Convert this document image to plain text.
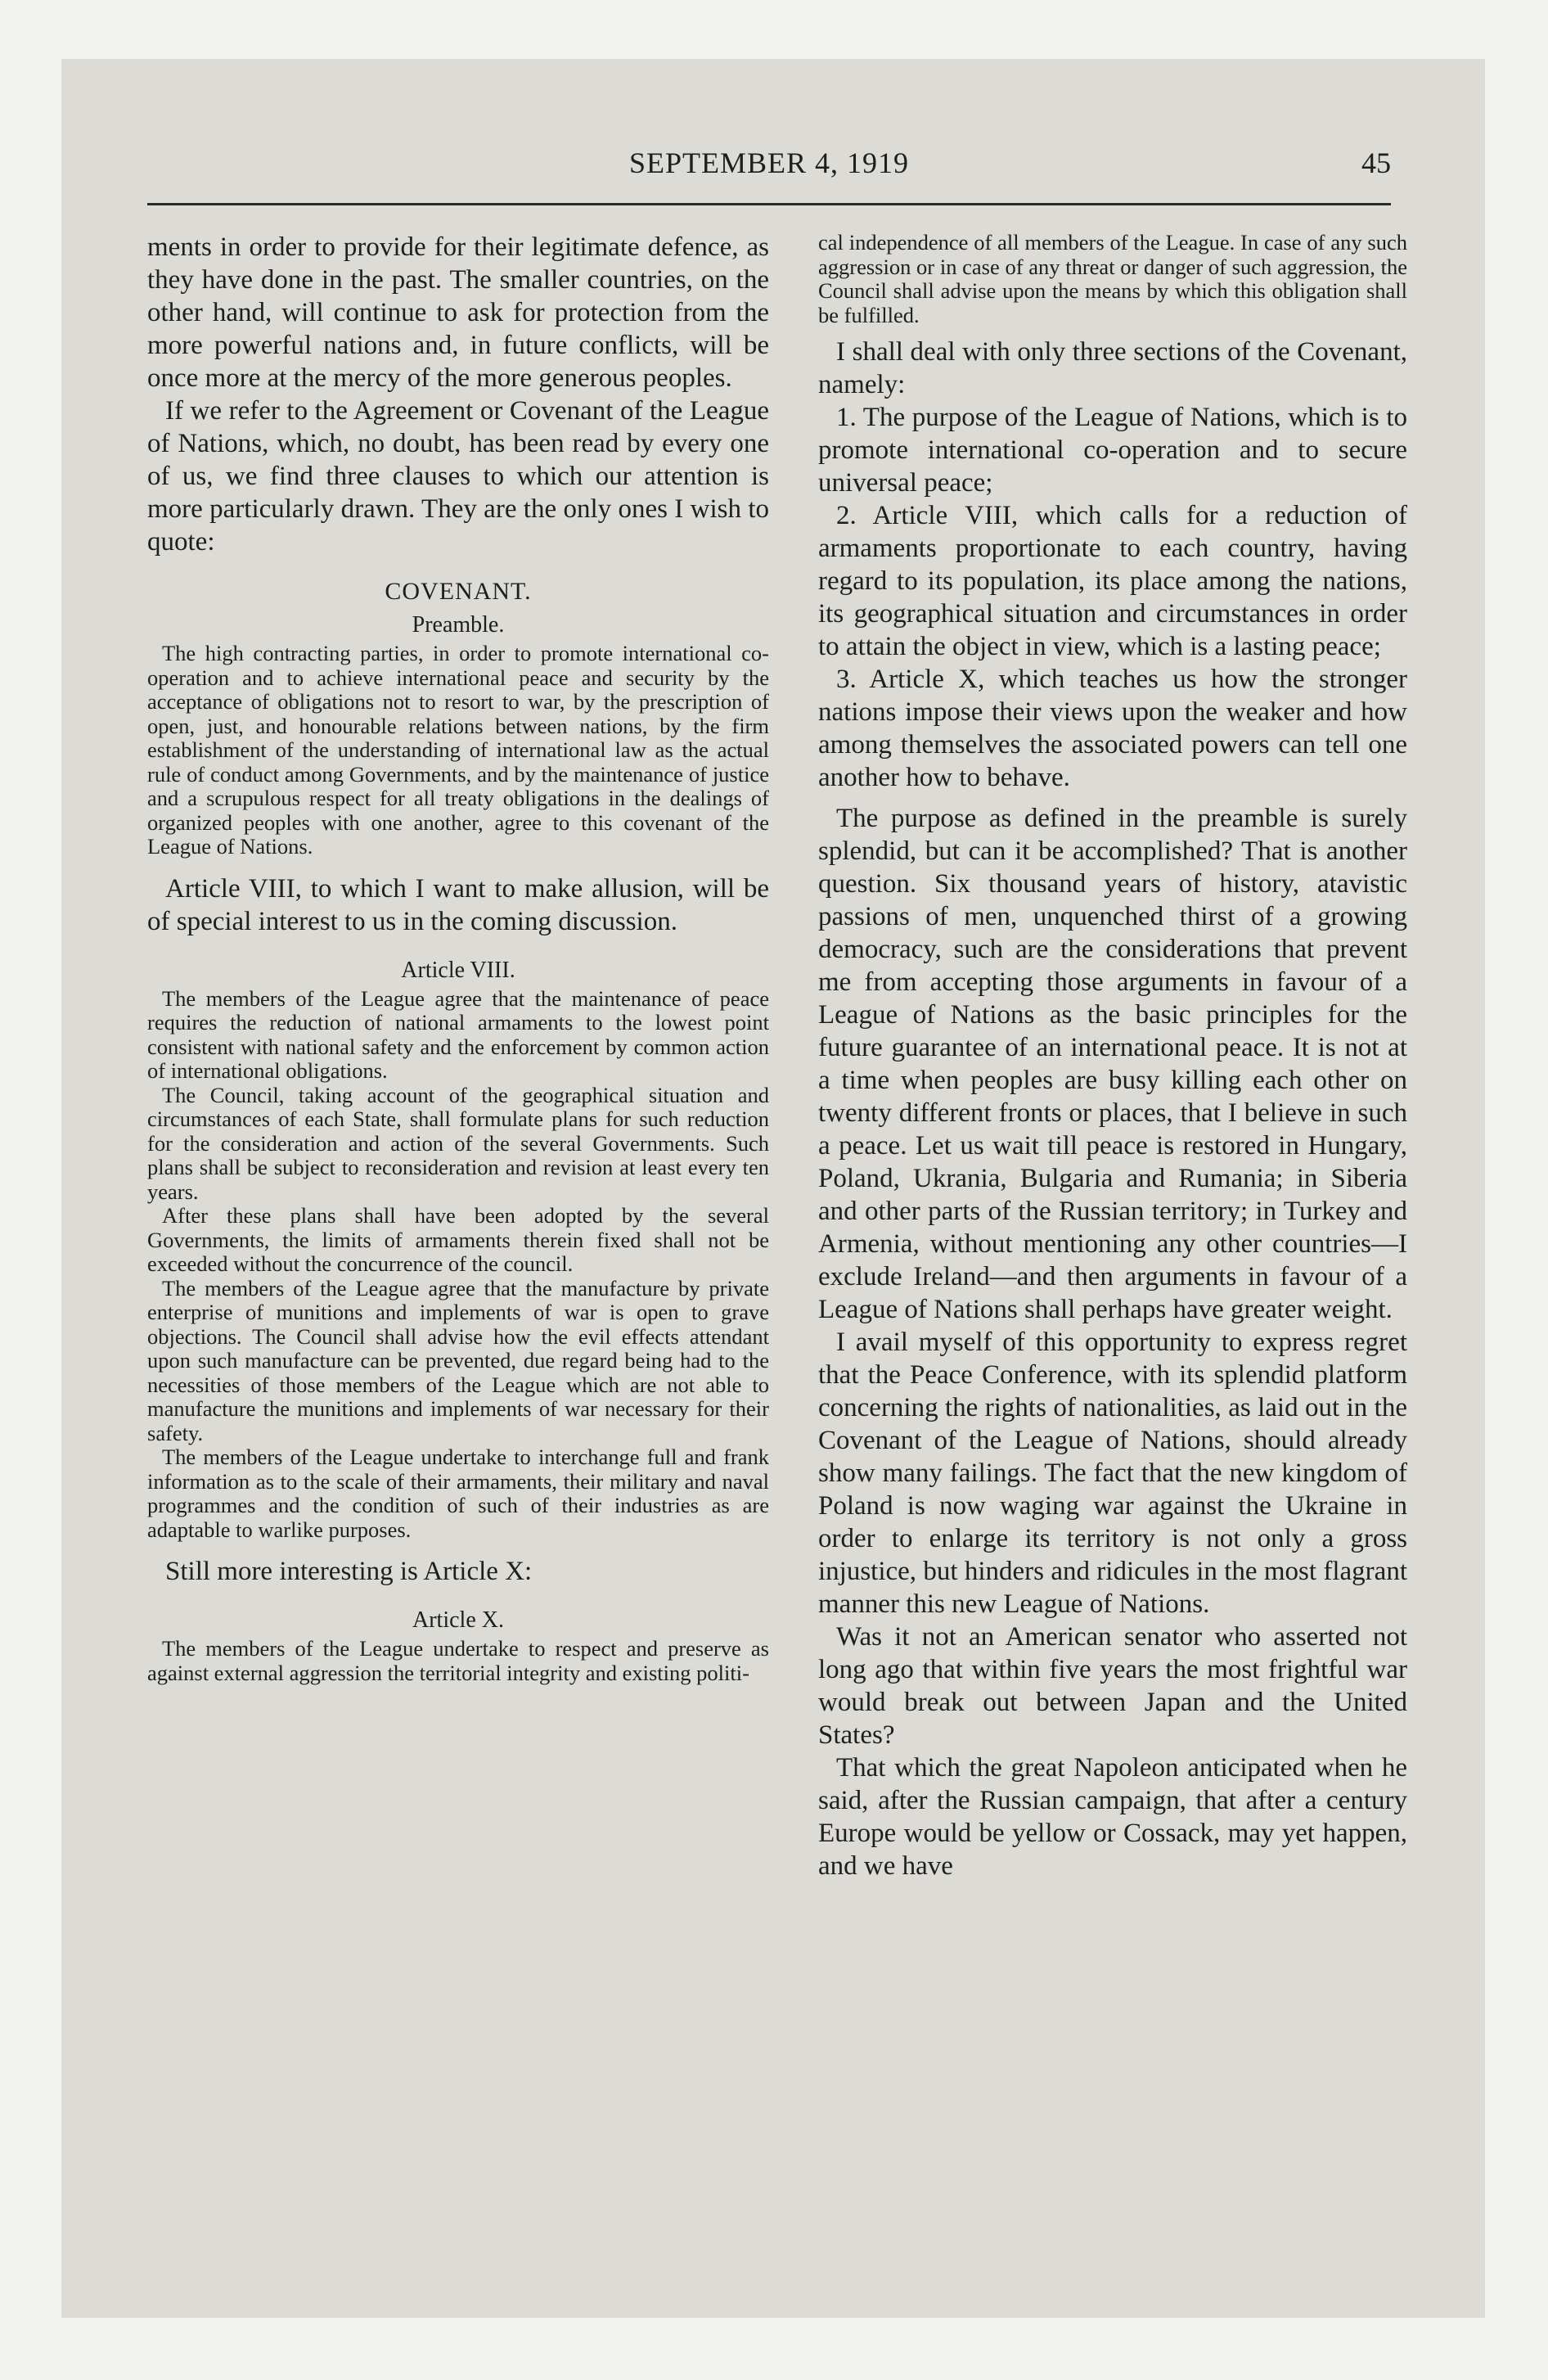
SEPTEMBER 4, 1919	45

ments in order to provide for their legitimate defence, as they have done in the past. The smaller countries, on the other hand, will continue to ask for protection from the more powerful nations and, in future conflicts, will be once more at the mercy of the more generous peoples.

If we refer to the Agreement or Covenant of the League of Nations, which, no doubt, has been read by every one of us, we find three clauses to which our attention is more particularly drawn. They are the only ones I wish to quote:

COVENANT.
Preamble.

The high contracting parties, in order to promote international co-operation and to achieve international peace and security by the acceptance of obligations not to resort to war, by the prescription of open, just, and honourable relations between nations, by the firm establishment of the understanding of international law as the actual rule of conduct among Governments, and by the maintenance of justice and a scrupulous respect for all treaty obligations in the dealings of organized peoples with one another, agree to this covenant of the League of Nations.

Article VIII, to which I want to make allusion, will be of special interest to us in the coming discussion.

Article VIII.

The members of the League agree that the maintenance of peace requires the reduction of national armaments to the lowest point consistent with national safety and the enforcement by common action of international obligations.

The Council, taking account of the geographical situation and circumstances of each State, shall formulate plans for such reduction for the consideration and action of the several Governments. Such plans shall be subject to reconsideration and revision at least every ten years.

After these plans shall have been adopted by the several Governments, the limits of armaments therein fixed shall not be exceeded without the concurrence of the council.

The members of the League agree that the manufacture by private enterprise of munitions and implements of war is open to grave objections. The Council shall advise how the evil effects attendant upon such manufacture can be prevented, due regard being had to the necessities of those members of the League which are not able to manufacture the munitions and implements of war necessary for their safety.

The members of the League undertake to interchange full and frank information as to the scale of their armaments, their military and naval programmes and the condition of such of their industries as are adaptable to warlike purposes.

Still more interesting is Article X:

Article X.

The members of the League undertake to respect and preserve as against external aggression the territorial integrity and existing politi-

cal independence of all members of the League. In case of any such aggression or in case of any threat or danger of such aggression, the Council shall advise upon the means by which this obligation shall be fulfilled.

I shall deal with only three sections of the Covenant, namely:

1. The purpose of the League of Nations, which is to promote international co-operation and to secure universal peace;

2. Article VIII, which calls for a reduction of armaments proportionate to each country, having regard to its population, its place among the nations, its geographical situation and circumstances in order to attain the object in view, which is a lasting peace;

3. Article X, which teaches us how the stronger nations impose their views upon the weaker and how among themselves the associated powers can tell one another how to behave.

The purpose as defined in the preamble is surely splendid, but can it be accomplished? That is another question. Six thousand years of history, atavistic passions of men, unquenched thirst of a growing democracy, such are the considerations that prevent me from accepting those arguments in favour of a League of Nations as the basic principles for the future guarantee of an international peace. It is not at a time when peoples are busy killing each other on twenty different fronts or places, that I believe in such a peace. Let us wait till peace is restored in Hungary, Poland, Ukrania, Bulgaria and Rumania; in Siberia and other parts of the Russian territory; in Turkey and Armenia, without mentioning any other countries—I exclude Ireland—and then arguments in favour of a League of Nations shall perhaps have greater weight.

I avail myself of this opportunity to express regret that the Peace Conference, with its splendid platform concerning the rights of nationalities, as laid out in the Covenant of the League of Nations, should already show many failings. The fact that the new kingdom of Poland is now waging war against the Ukraine in order to enlarge its territory is not only a gross injustice, but hinders and ridicules in the most flagrant manner this new League of Nations.

Was it not an American senator who asserted not long ago that within five years the most frightful war would break out between Japan and the United States?

That which the great Napoleon anticipated when he said, after the Russian campaign, that after a century Europe would be yellow or Cossack, may yet happen, and we have
